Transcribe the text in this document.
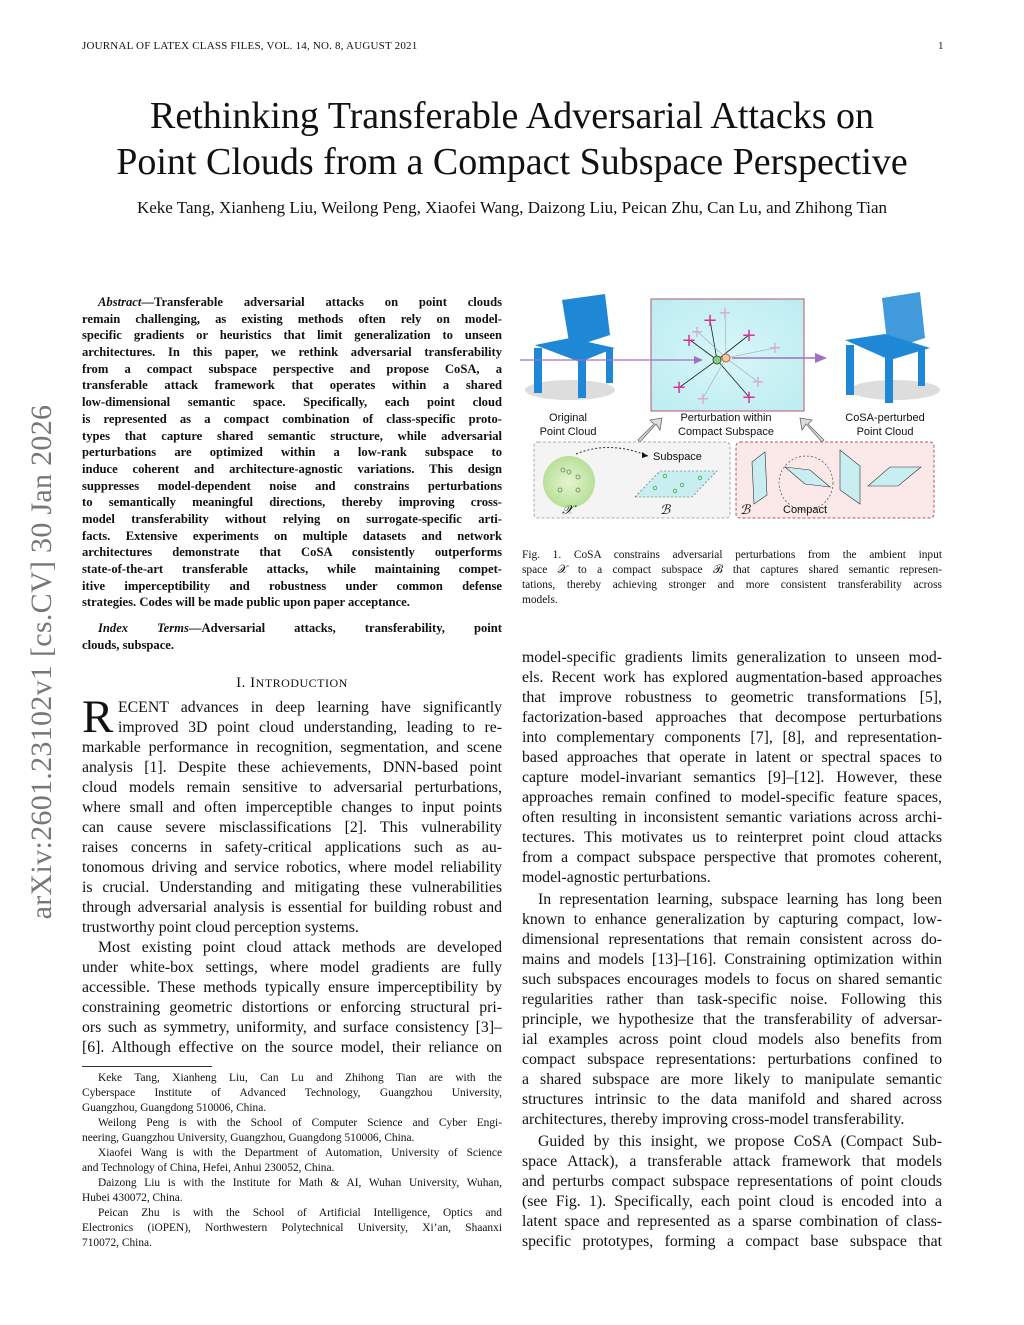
JOURNAL OF LATEX CLASS FILES, VOL. 14, NO. 8, AUGUST 2021	1
Rethinking Transferable Adversarial Attacks on
Point Clouds from a Compact Subspace Perspective
Keke Tang, Xianheng Liu, Weilong Peng, Xiaofei Wang, Daizong Liu, Peican Zhu, Can Lu, and Zhihong Tian
arXiv:2601.23102v1 [cs.CV] 30 Jan 2026
Abstract—Transferable adversarial attacks on point clouds
remain challenging, as existing methods often rely on model-
specific gradients or heuristics that limit generalization to unseen
architectures. In this paper, we rethink adversarial transferability
from a compact subspace perspective and propose CoSA, a
transferable attack framework that operates within a shared
low-dimensional semantic space. Specifically, each point cloud
is represented as a compact combination of class-specific proto-
types that capture shared semantic structure, while adversarial
perturbations are optimized within a low-rank subspace to
induce coherent and architecture-agnostic variations. This design
suppresses model-dependent noise and constrains perturbations
to semantically meaningful directions, thereby improving cross-
model transferability without relying on surrogate-specific arti-
facts. Extensive experiments on multiple datasets and network
architectures demonstrate that CoSA consistently outperforms
state-of-the-art transferable attacks, while maintaining compet-
itive imperceptibility and robustness under common defense
strategies. Codes will be made public upon paper acceptance.
Index Terms—Adversarial attacks, transferability, point
clouds, subspace.
I. INTRODUCTION
R ECENT advances in deep learning have significantly
improved 3D point cloud understanding, leading to re-
markable performance in recognition, segmentation, and scene
analysis [1]. Despite these achievements, DNN-based point
cloud models remain sensitive to adversarial perturbations,
where small and often imperceptible changes to input points
can cause severe misclassifications [2]. This vulnerability
raises concerns in safety-critical applications such as au-
tonomous driving and service robotics, where model reliability
is crucial. Understanding and mitigating these vulnerabilities
through adversarial analysis is essential for building robust and
trustworthy point cloud perception systems.
Most existing point cloud attack methods are developed
under white-box settings, where model gradients are fully
accessible. These methods typically ensure imperceptibility by
constraining geometric distortions or enforcing structural pri-
ors such as symmetry, uniformity, and surface consistency [3]–
[6]. Although effective on the source model, their reliance on
model-specific gradients limits generalization to unseen mod-
els. Recent work has explored augmentation-based approaches
that improve robustness to geometric transformations [5],
factorization-based approaches that decompose perturbations
into complementary components [7], [8], and representation-
based approaches that operate in latent or spectral spaces to
capture model-invariant semantics [9]–[12]. However, these
approaches remain confined to model-specific feature spaces,
often resulting in inconsistent semantic variations across archi-
tectures. This motivates us to reinterpret point cloud attacks
from a compact subspace perspective that promotes coherent,
model-agnostic perturbations.
In representation learning, subspace learning has long been
known to enhance generalization by capturing compact, low-
dimensional representations that remain consistent across do-
mains and models [13]–[16]. Constraining optimization within
such subspaces encourages models to focus on shared semantic
regularities rather than task-specific noise. Following this
principle, we hypothesize that the transferability of adversar-
ial examples across point cloud models also benefits from
compact subspace representations: perturbations confined to
a shared subspace are more likely to manipulate semantic
structures intrinsic to the data manifold and shared across
architectures, thereby improving cross-model transferability.
Guided by this insight, we propose CoSA (Compact Sub-
space Attack), a transferable attack framework that models
and perturbs compact subspace representations of point clouds
(see Fig. 1). Specifically, each point cloud is encoded into a
latent space and represented as a sparse combination of class-
specific prototypes, forming a compact base subspace that
Keke Tang, Xianheng Liu, Can Lu and Zhihong Tian are with the
Cyberspace Institute of Advanced Technology, Guangzhou University,
Guangzhou, Guangdong 510006, China.
Weilong Peng is with the School of Computer Science and Cyber Engi-
neering, Guangzhou University, Guangzhou, Guangdong 510006, China.
Xiaofei Wang is with the Department of Automation, University of Science
and Technology of China, Hefei, Anhui 230052, China.
Daizong Liu is with the Institute for Math & AI, Wuhan University, Wuhan,
Hubei 430072, China.
Peican Zhu is with the School of Artificial Intelligence, Optics and
Electronics (iOPEN), Northwestern Polytechnical University, Xi’an, Shaanxi
710072, China.
+
+
+
+
+
+
+
+
+
+
Original
Point Cloud
Perturbation within
Compact Subspace
CoSA-perturbed
Point Cloud
Subspace
Compact
𝒳	ℬ	ℬ
Fig. 1. CoSA constrains adversarial perturbations from the ambient input
space 𝒳 to a compact subspace ℬ that captures shared semantic represen-
tations, thereby achieving stronger and more consistent transferability across
models.
